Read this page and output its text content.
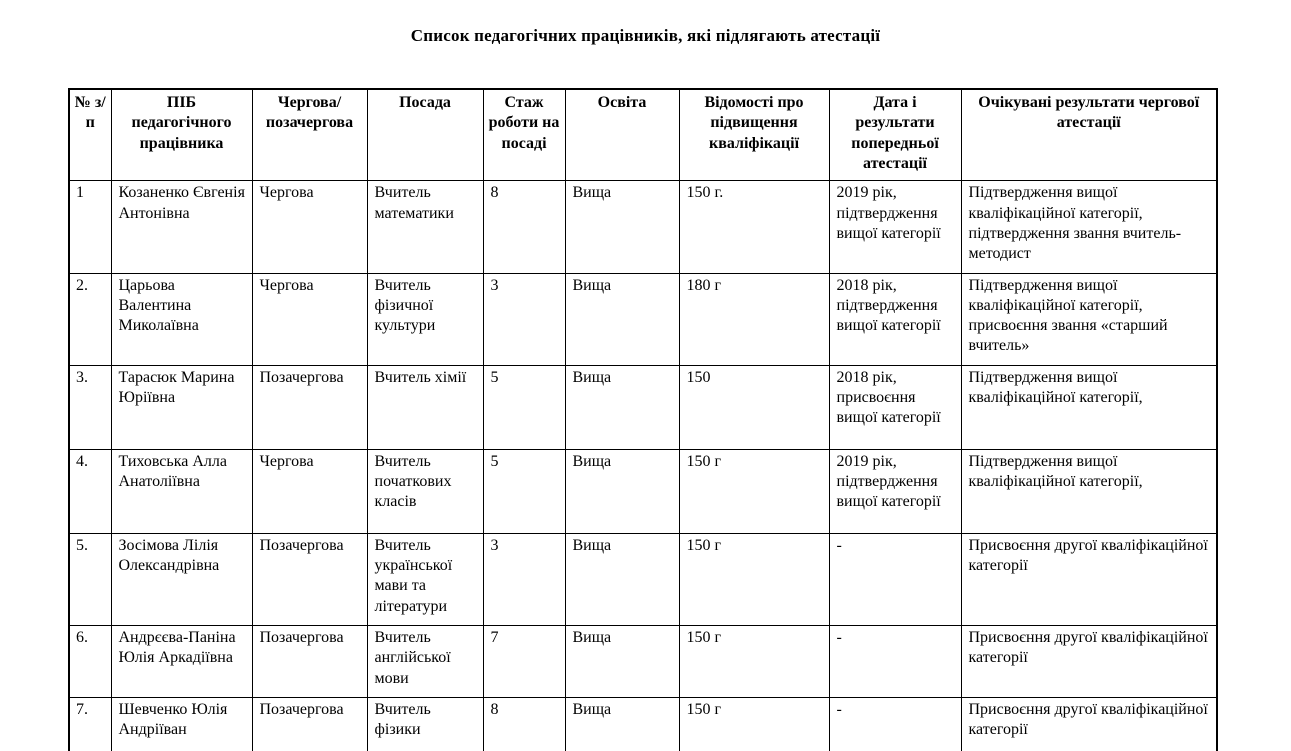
Список педагогічних працівників, які підлягають атестації
№ з/п	ПІБ педагогічного працівника	Чергова/ позачергова	Посада	Стаж роботи на посаді	Освіта	Відомості про підвищення кваліфікації	Дата і результати попередньої атестації	Очікувані результати чергової атестації
1	Козаненко Євгенія Антонівна	Чергова	Вчитель математики	8	Вища	150 г.	2019 рік, підтвердження вищої категорії	Підтвердження вищої кваліфікаційної категорії, підтвердження звання вчитель-методист
2.	Царьова Валентина Миколаївна	Чергова	Вчитель фізичної культури	3	Вища	180 г	2018 рік, підтвердження вищої категорії	Підтвердження вищої кваліфікаційної категорії, присвоєння звання «старший вчитель»
3.	Тарасюк Марина Юріївна	Позачергова	Вчитель хімії	5	Вища	150	2018 рік, присвоєння вищої категорії	Підтвердження вищої кваліфікаційної категорії,
4.	Тиховська Алла Анатоліївна	Чергова	Вчитель початкових класів	5	Вища	150 г	2019 рік, підтвердження вищої категорії	Підтвердження вищої кваліфікаційної категорії,
5.	Зосімова Лілія Олександрівна	Позачергова	Вчитель української мави та літератури	3	Вища	150 г	-	Присвоєння другої кваліфікаційної категорії
6.	Андрєєва-Паніна Юлія Аркадіївна	Позачергова	Вчитель англійської мови	7	Вища	150 г	-	Присвоєння другої кваліфікаційної категорії
7.	Шевченко Юлія Андріїван	Позачергова	Вчитель фізики	8	Вища	150 г	-	Присвоєння другої кваліфікаційної категорії
